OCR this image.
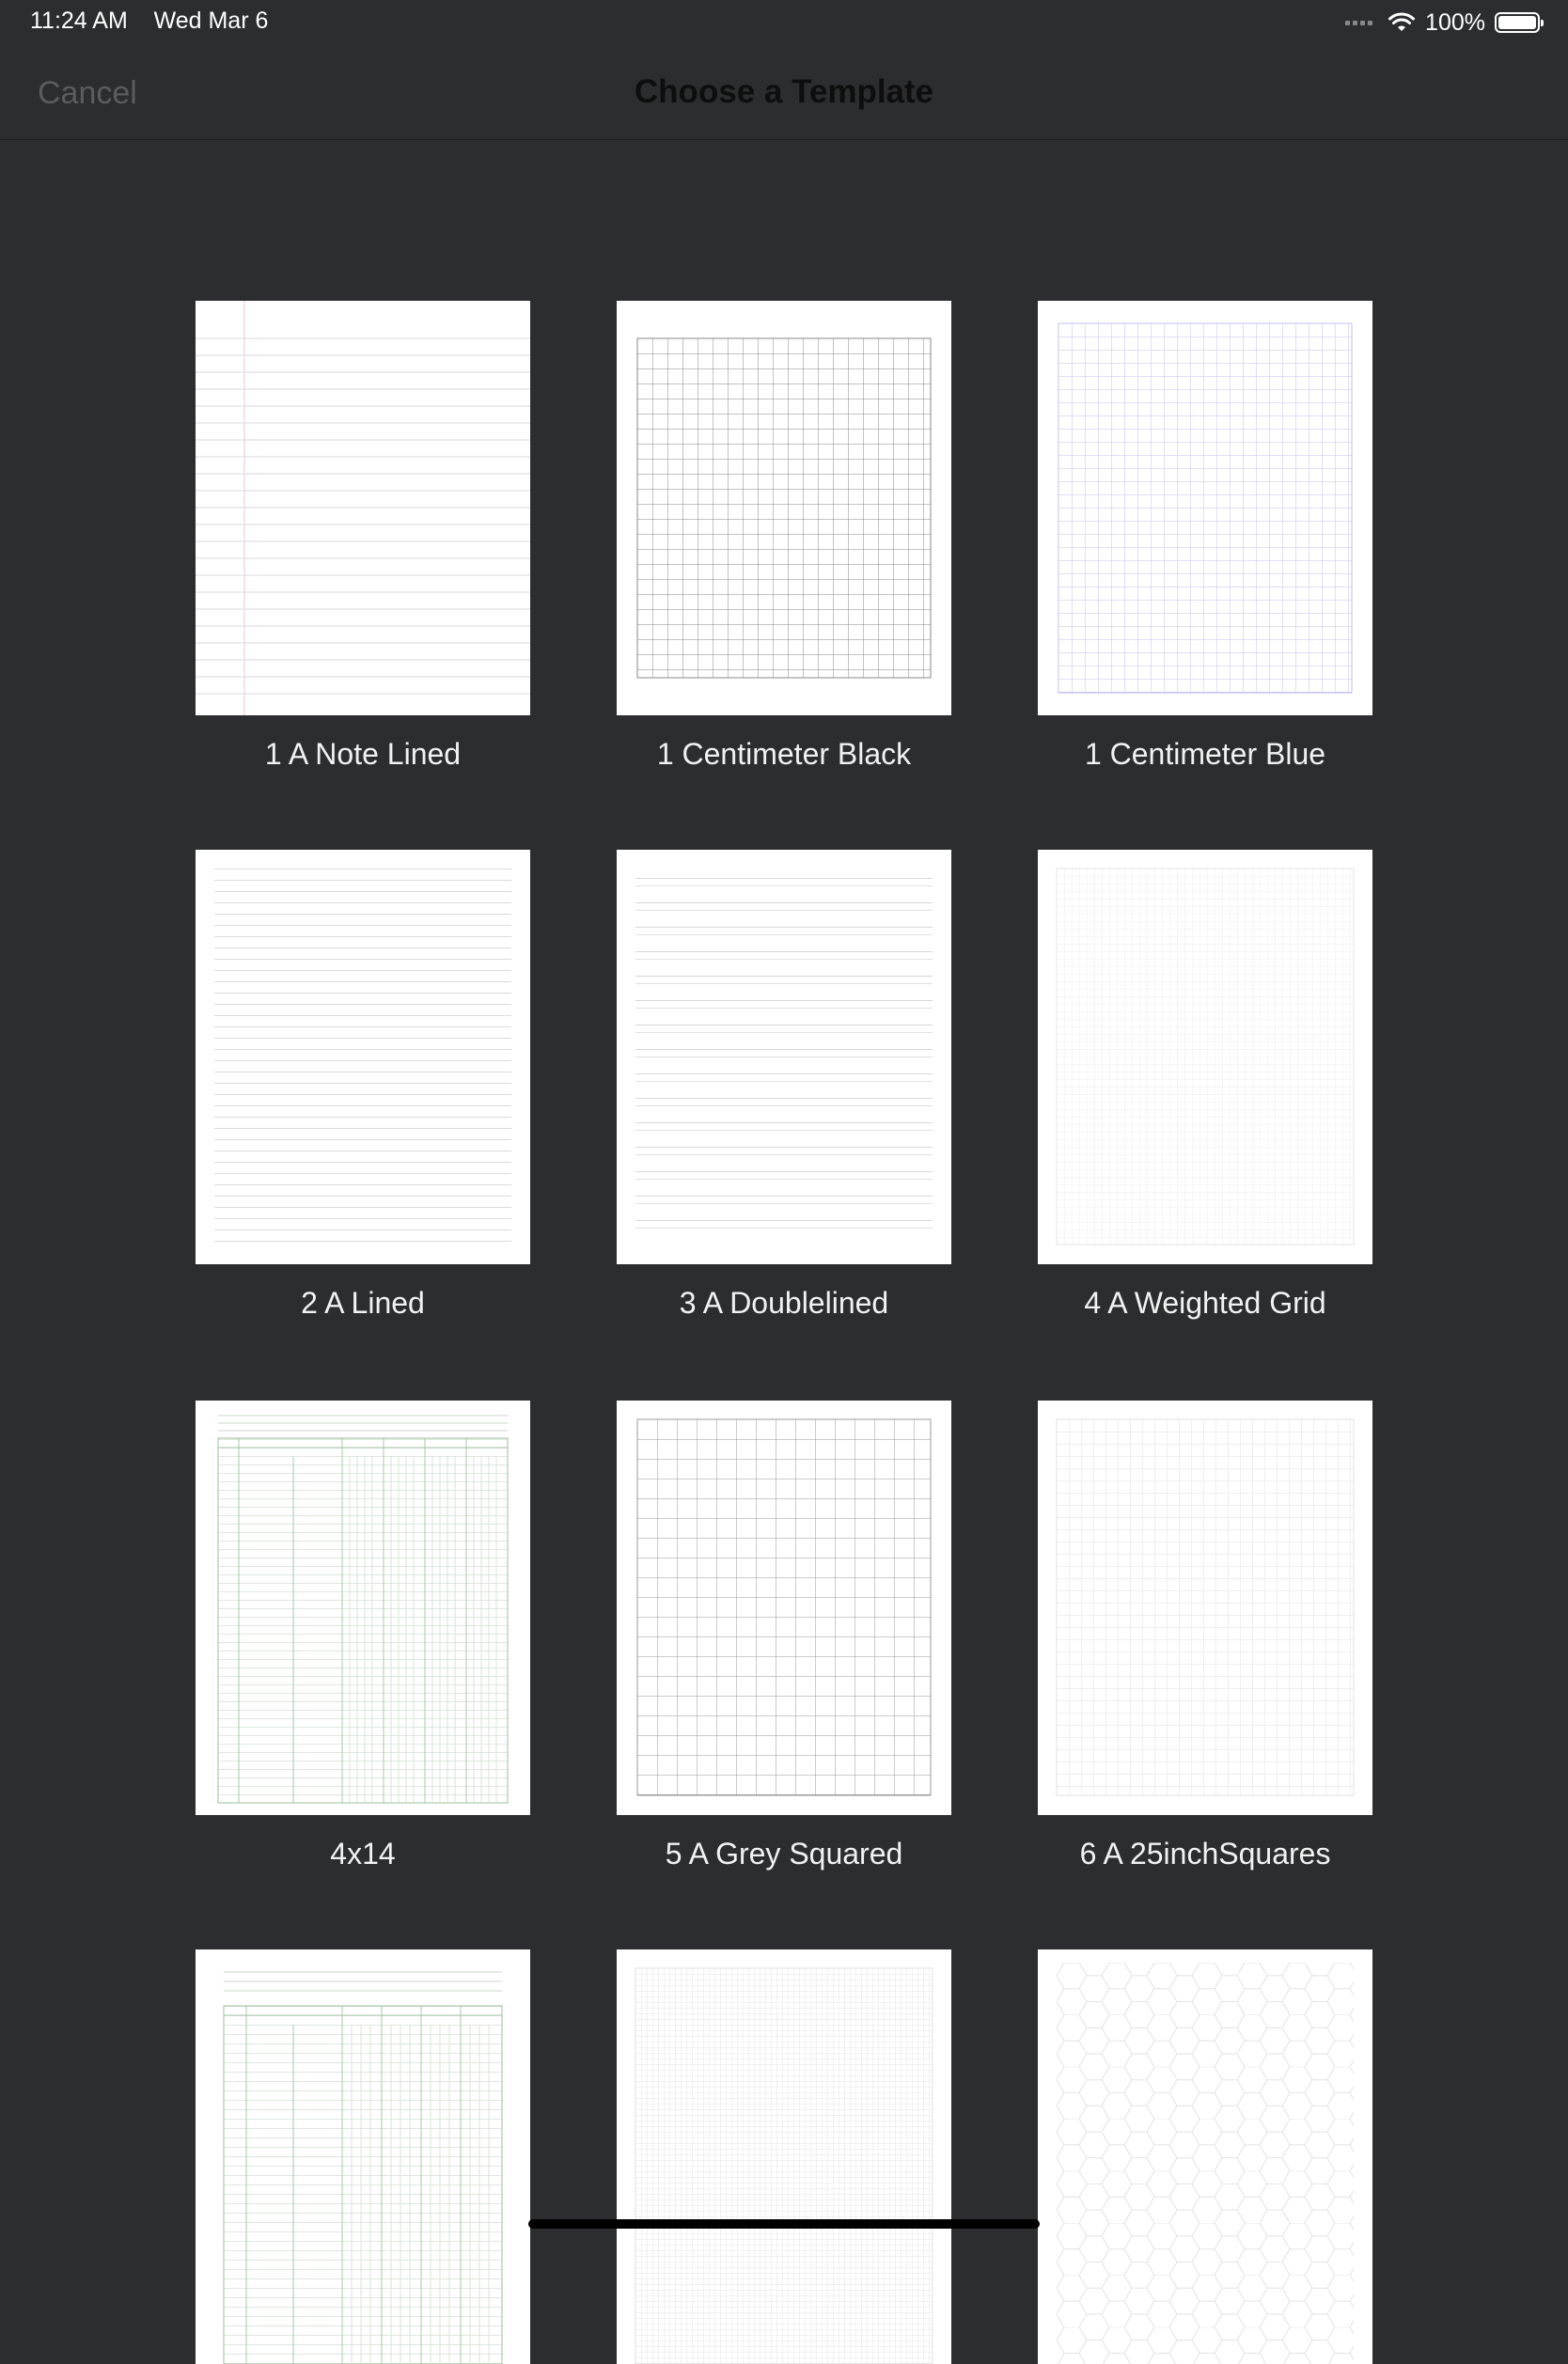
11:24 AM Wed Mar 6	100%
Cancel	Choose a Template
1 A Note Lined	1 Centimeter Black	1 Centimeter Blue
2 A Lined	3 A Doublelined	4 A Weighted Grid
4x14	5 A Grey Squared	6 A 25inchSquares
